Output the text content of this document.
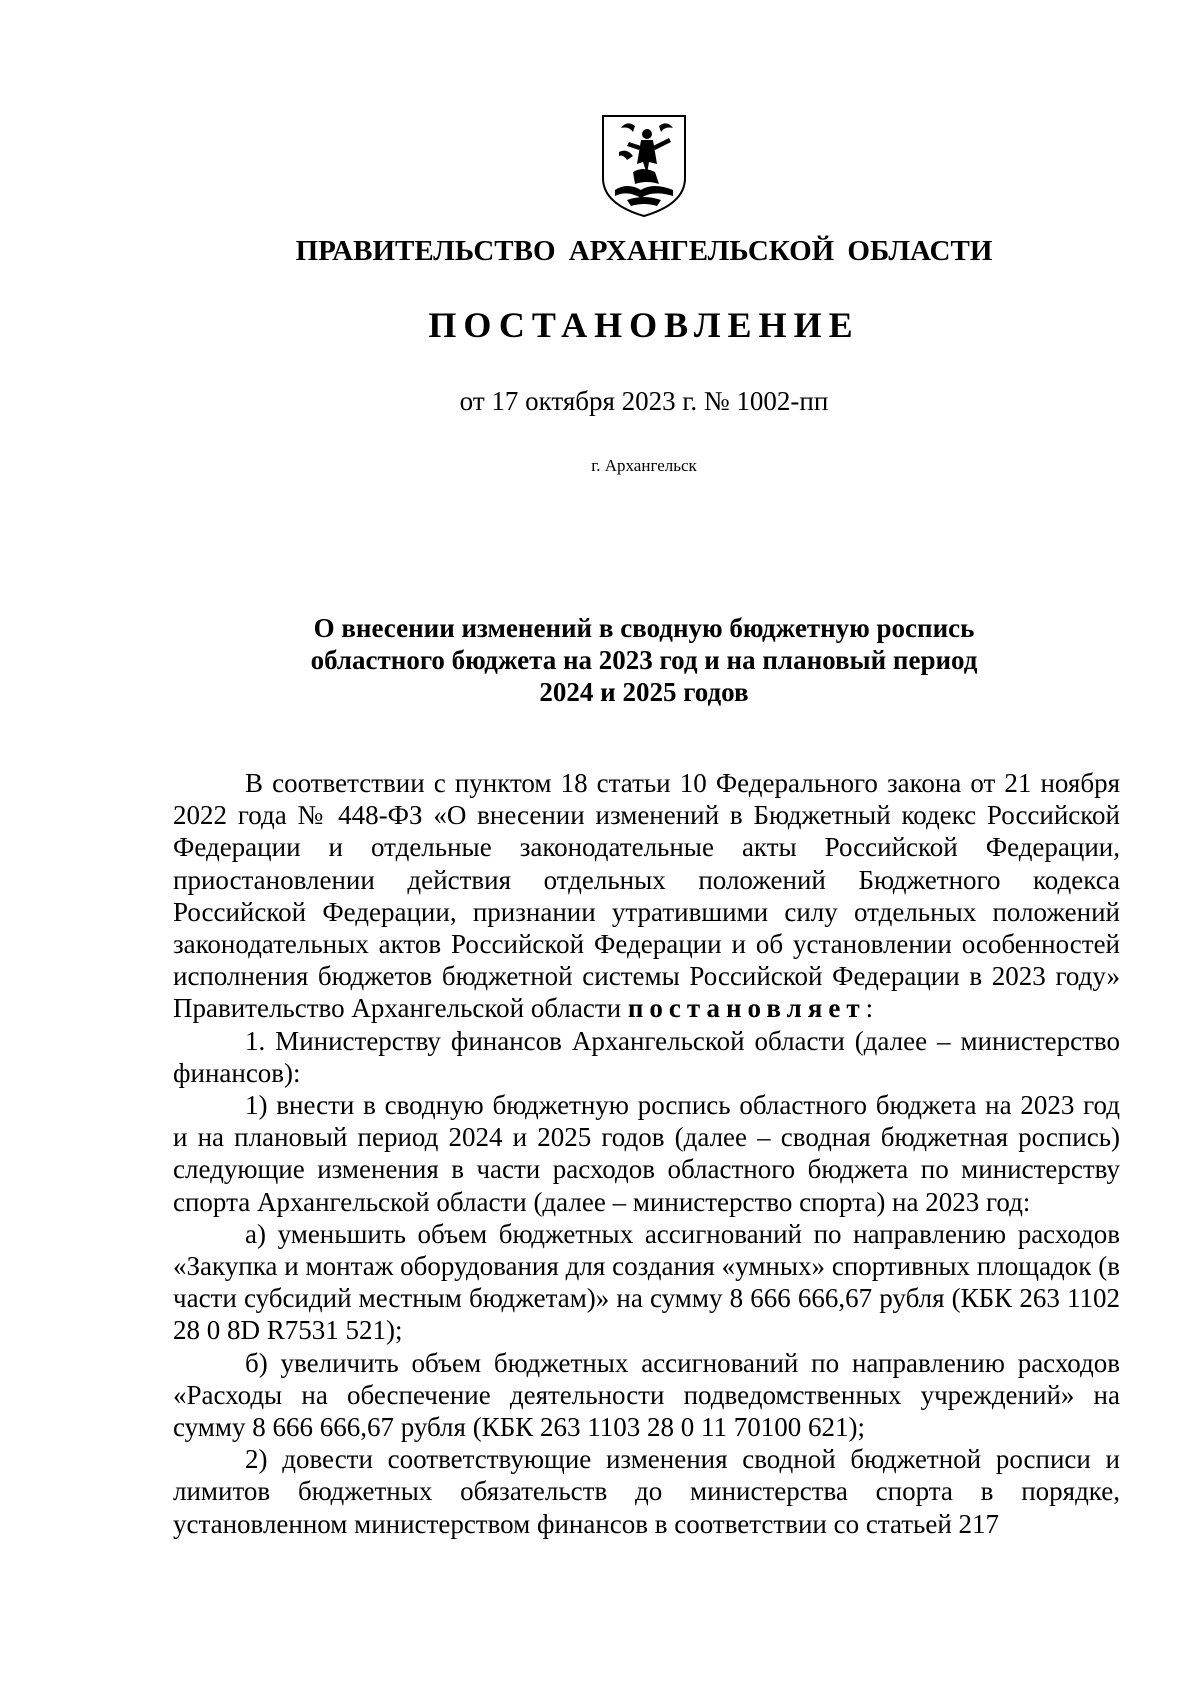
ПРАВИТЕЛЬСТВО АРХАНГЕЛЬСКОЙ ОБЛАСТИ
ПОСТАНОВЛЕНИЕ
от 17 октября 2023 г. № 1002-пп
г. Архангельск
О внесении изменений в сводную бюджетную роспись
областного бюджета на 2023 год и на плановый период
2024 и 2025 годов

В соответствии с пунктом 18 статьи 10 Федерального закона от 21 ноября 2022 года № 448-ФЗ «О внесении изменений в Бюджетный кодекс Российской Федерации и отдельные законодательные акты Российской Федерации, приостановлении действия отдельных положений Бюджетного кодекса Российской Федерации, признании утратившими силу отдельных положений законодательных актов Российской Федерации и об установлении особенностей исполнения бюджетов бюджетной системы Российской Федерации в 2023 году» Правительство Архангельской области постановляет:

1. Министерству финансов Архангельской области (далее – министерство финансов):

1) внести в сводную бюджетную роспись областного бюджета на 2023 год и на плановый период 2024 и 2025 годов (далее – сводная бюджетная роспись) следующие изменения в части расходов областного бюджета по министерству спорта Архангельской области (далее – министерство спорта) на 2023 год:

а) уменьшить объем бюджетных ассигнований по направлению расходов «Закупка и монтаж оборудования для создания «умных» спортивных площадок (в части субсидий местным бюджетам)» на сумму 8 666 666,67 рубля (КБК 263 1102 28 0 8D R7531 521);

б) увеличить объем бюджетных ассигнований по направлению расходов «Расходы на обеспечение деятельности подведомственных учреждений» на сумму 8 666 666,67 рубля (КБК 263 1103 28 0 11 70100 621);

2) довести соответствующие изменения сводной бюджетной росписи и лимитов бюджетных обязательств до министерства спорта в порядке, установленном министерством финансов в соответствии со статьей 217
